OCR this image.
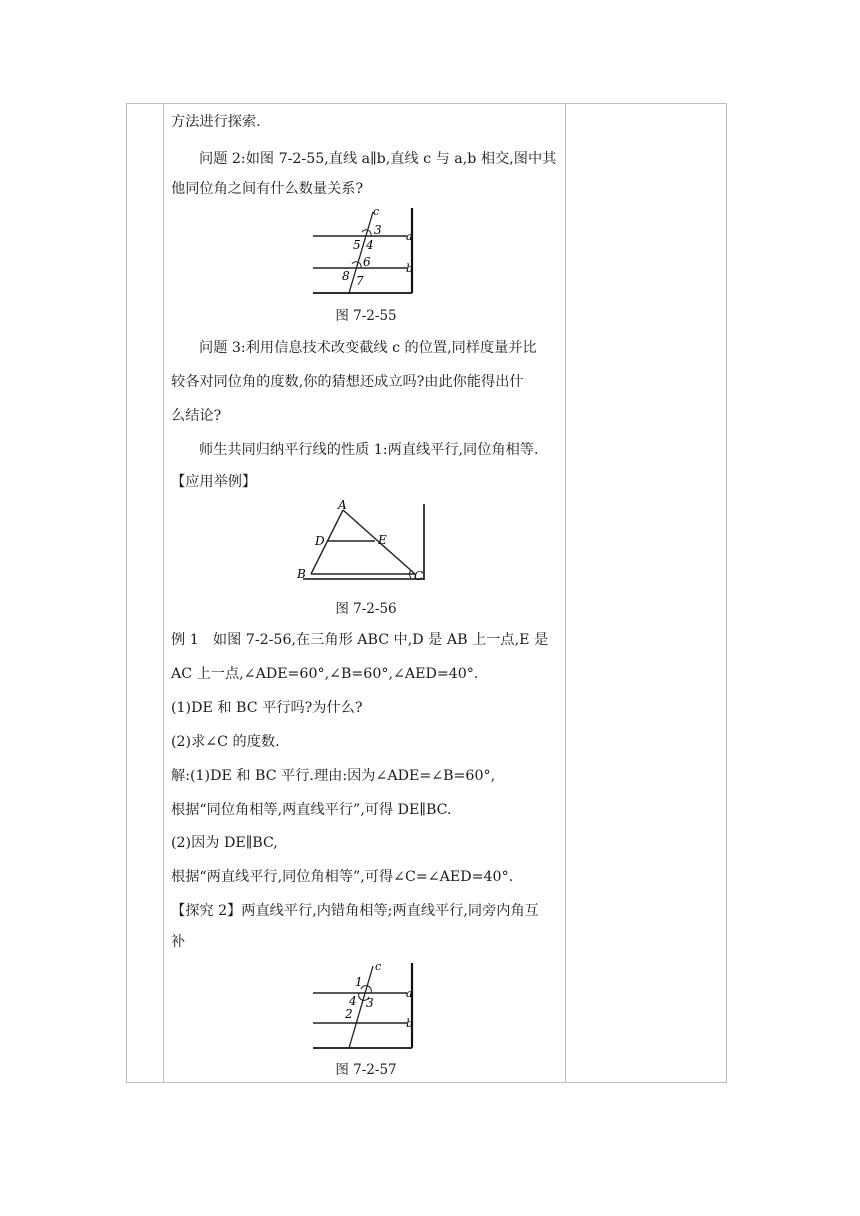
方法进行探索.
问题 2:如图 7-2-55,直线 a∥b,直线 c 与 a,b 相交,图中其
他同位角之间有什么数量关系?
c
3
5 4
a
6	b
8 7
图 7-2-55
问题 3:利用信息技术改变截线 c 的位置,同样度量并比
较各对同位角的度数,你的猜想还成立吗?由此你能得出什
么结论?
师生共同归纳平行线的性质 1:两直线平行,同位角相等.
【应用举例】
A
D	E
B	C
图 7-2-56
例 1　如图 7-2-56,在三角形 ABC 中,D 是 AB 上一点,E 是
AC 上一点,∠ADE=60°,∠B=60°,∠AED=40°.
(1)DE 和 BC 平行吗?为什么?
(2)求∠C 的度数.
解:(1)DE 和 BC 平行.理由:因为∠ADE=∠B=60°,
根据“同位角相等,两直线平行”,可得 DE∥BC.
(2)因为 DE∥BC,
根据“两直线平行,同位角相等”,可得∠C=∠AED=40°.
【探究 2】两直线平行,内错角相等;两直线平行,同旁内角互
补
c
1
4 3
a
2
b
图 7-2-57
